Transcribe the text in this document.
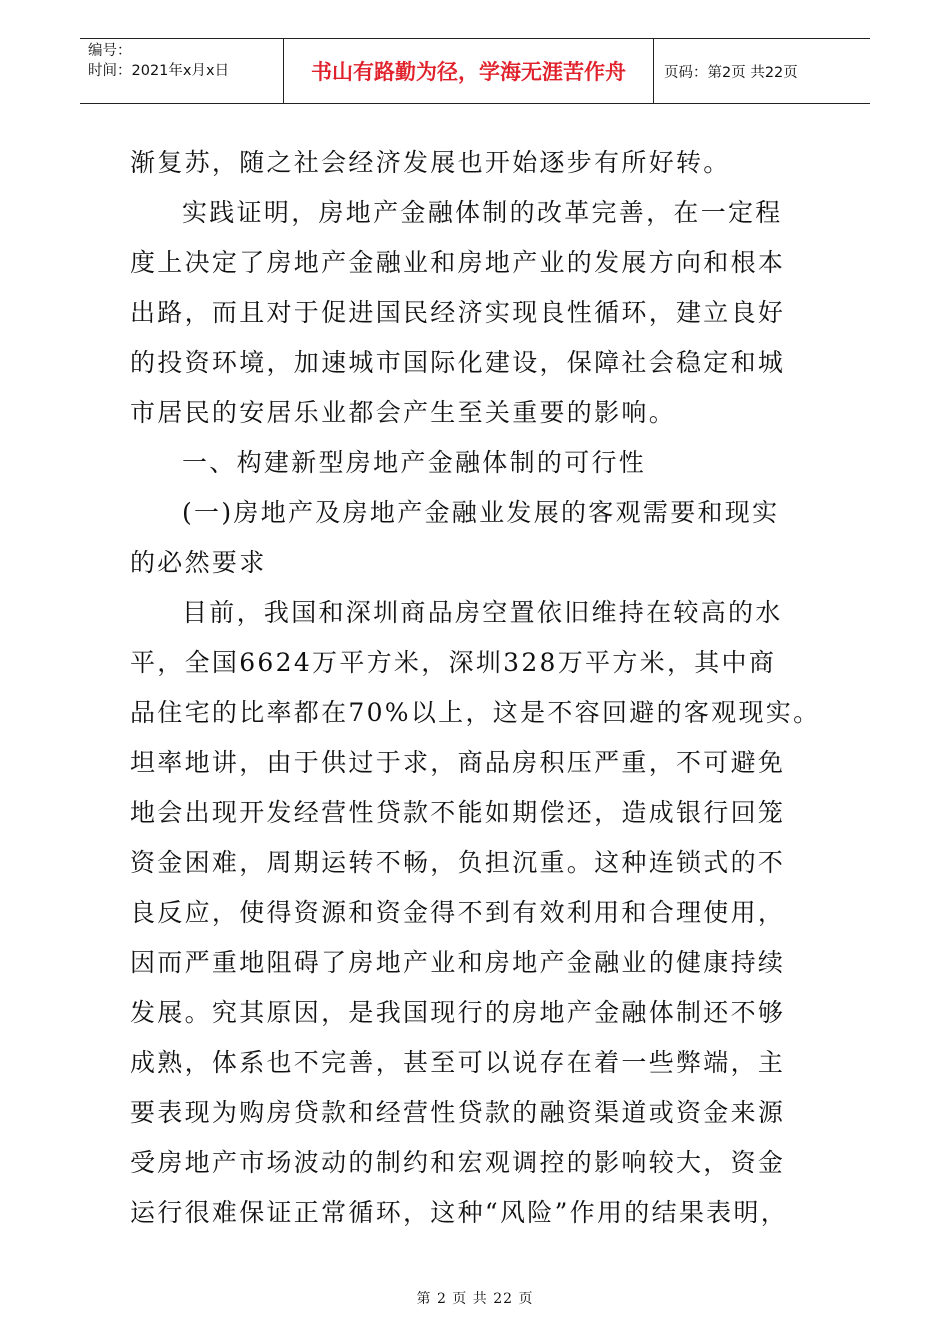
编号：
时间：2021年x月x日	书山有路勤为径，学海无涯苦作舟	页码：第2页 共22页
渐复苏，随之社会经济发展也开始逐步有所好转。
实践证明，房地产金融体制的改革完善，在一定程
度上决定了房地产金融业和房地产业的发展方向和根本
出路，而且对于促进国民经济实现良性循环，建立良好
的投资环境，加速城市国际化建设，保障社会稳定和城
市居民的安居乐业都会产生至关重要的影响。
一、构建新型房地产金融体制的可行性
(一)房地产及房地产金融业发展的客观需要和现实
的必然要求
目前，我国和深圳商品房空置依旧维持在较高的水
平，全国6624万平方米，深圳328万平方米，其中商
品住宅的比率都在70%以上，这是不容回避的客观现实。
坦率地讲，由于供过于求，商品房积压严重，不可避免
地会出现开发经营性贷款不能如期偿还，造成银行回笼
资金困难，周期运转不畅，负担沉重。这种连锁式的不
良反应，使得资源和资金得不到有效利用和合理使用，
因而严重地阻碍了房地产业和房地产金融业的健康持续
发展。究其原因，是我国现行的房地产金融体制还不够
成熟，体系也不完善，甚至可以说存在着一些弊端，主
要表现为购房贷款和经营性贷款的融资渠道或资金来源
受房地产市场波动的制约和宏观调控的影响较大，资金
运行很难保证正常循环，这种“风险”作用的结果表明，
第 2 页 共 22 页
